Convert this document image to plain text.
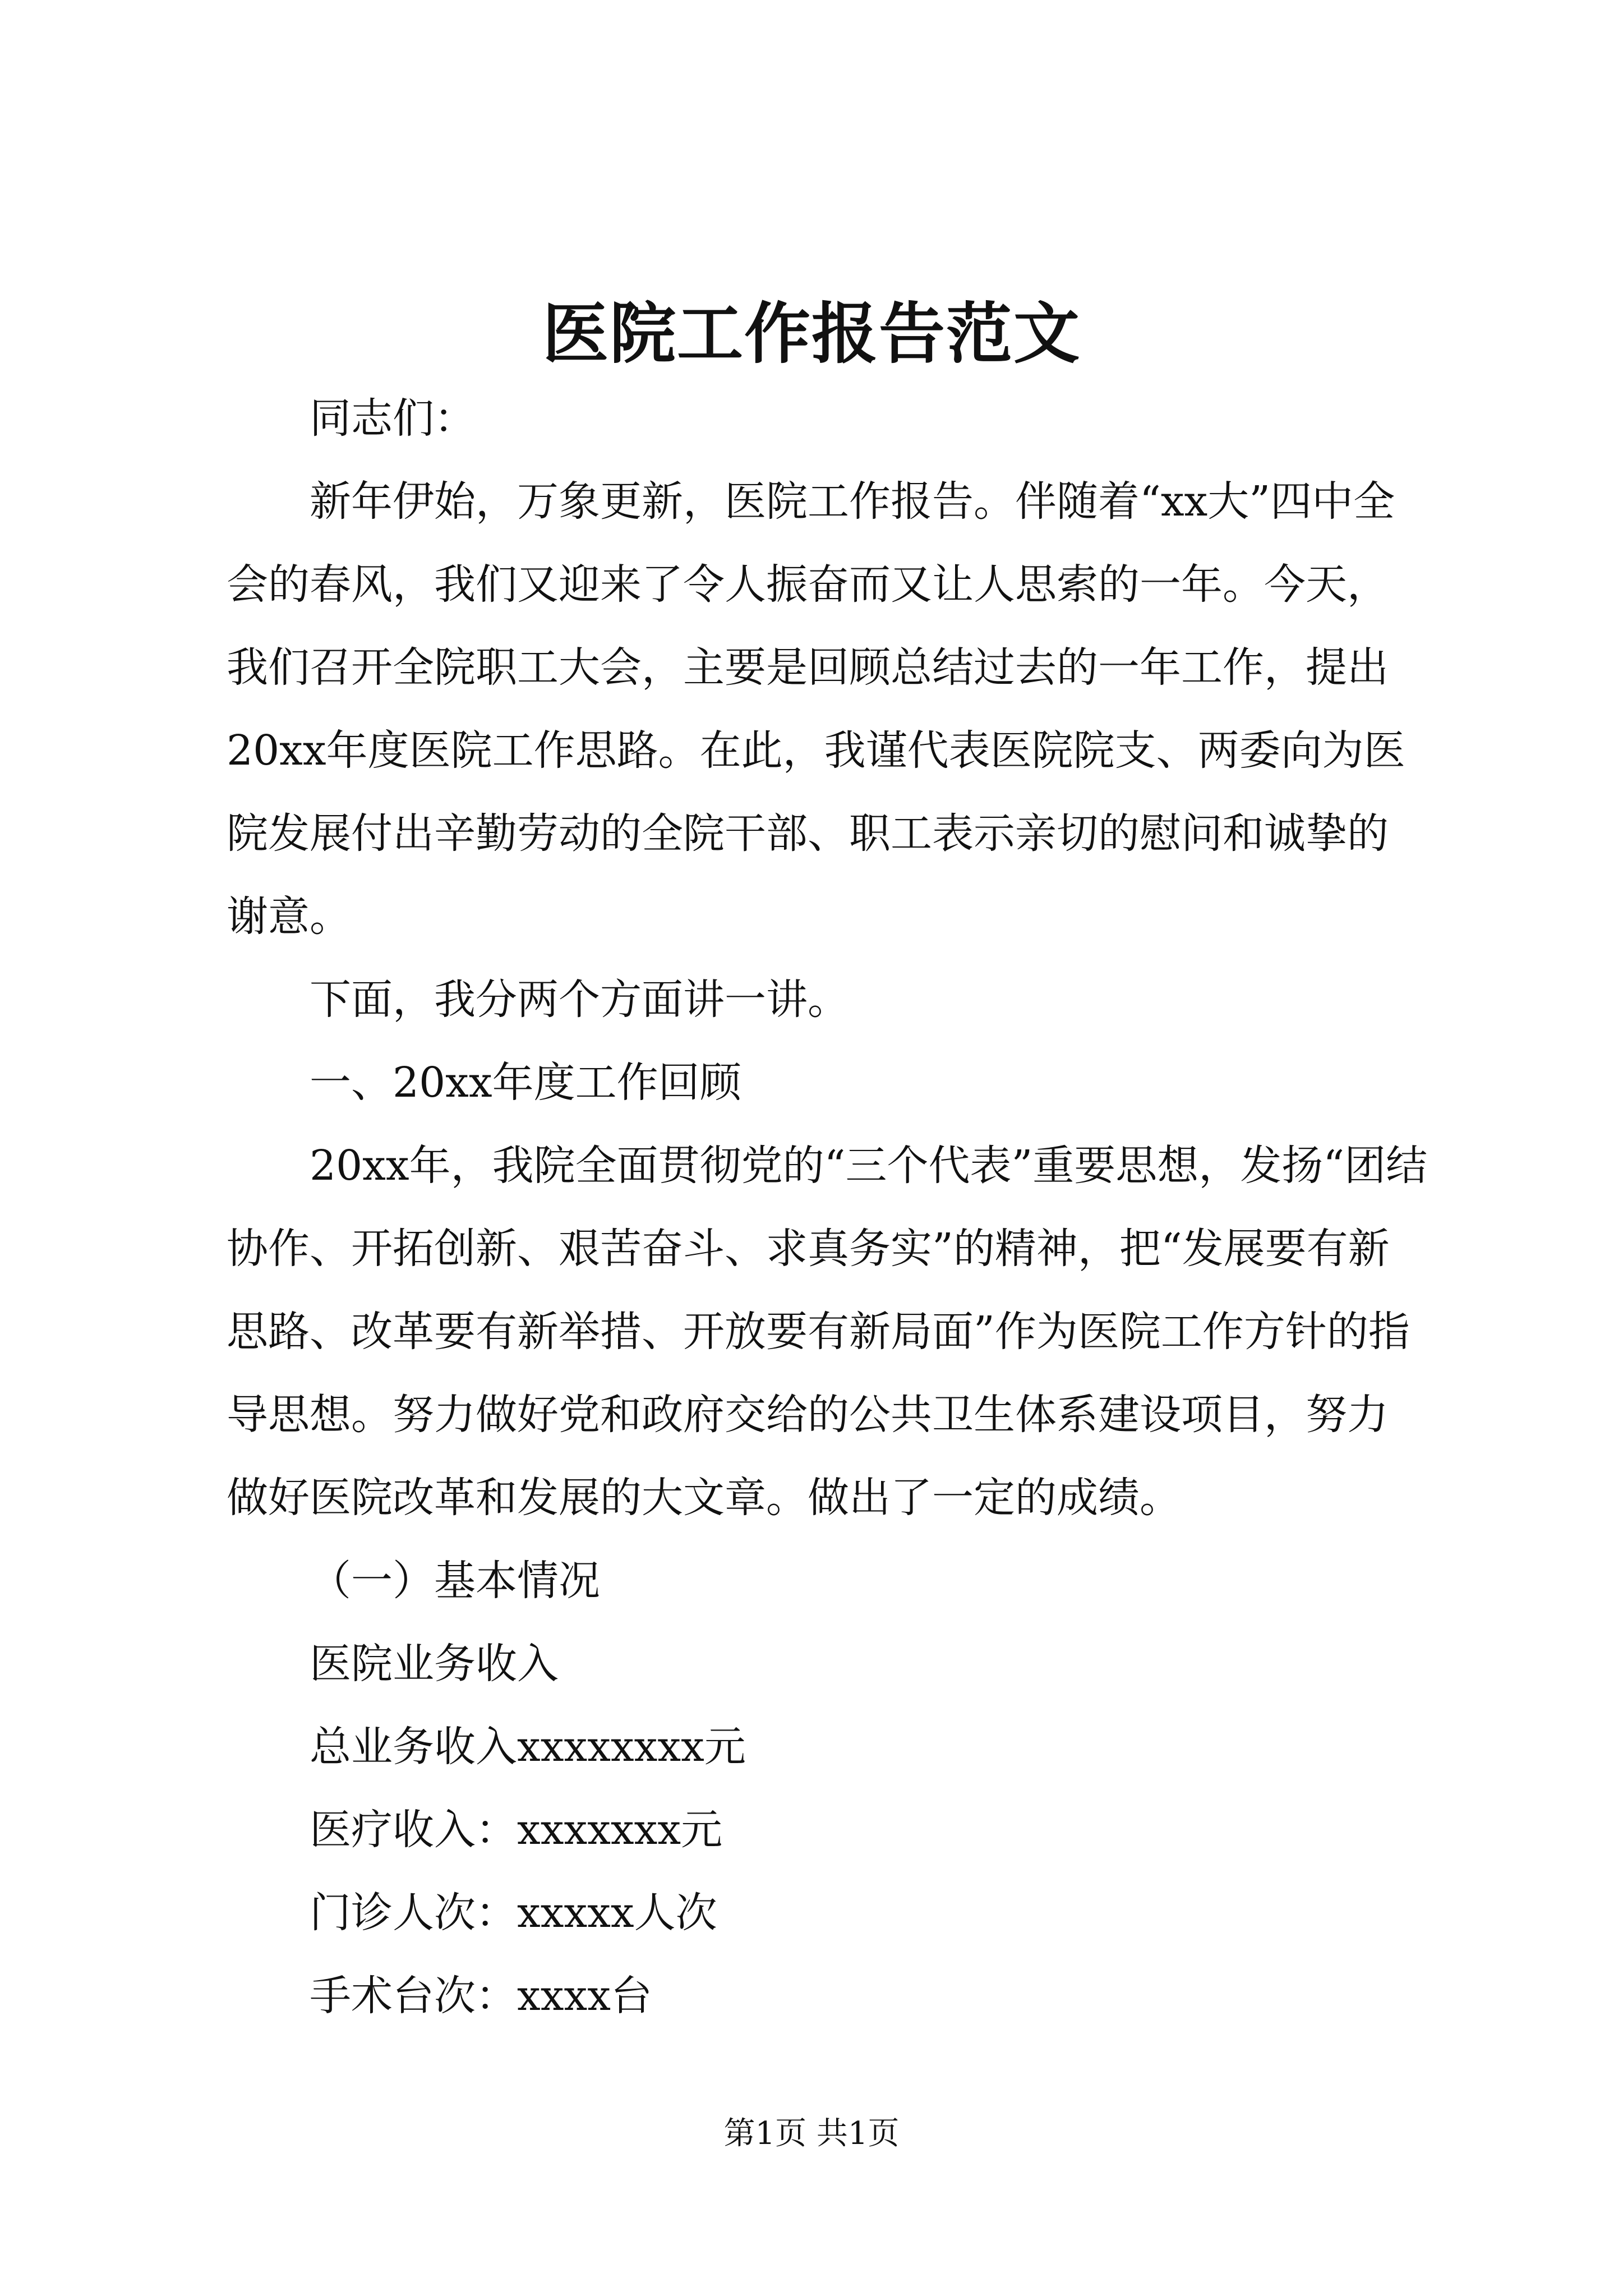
医院工作报告范文

同志们：

新年伊始，万象更新，医院工作报告。伴随着“xx大”四中全会的春风，我们又迎来了令人振奋而又让人思索的一年。今天，我们召开全院职工大会，主要是回顾总结过去的一年工作，提出20xx年度医院工作思路。在此，我谨代表医院院支、两委向为医院发展付出辛勤劳动的全院干部、职工表示亲切的慰问和诚挚的谢意。

下面，我分两个方面讲一讲。

一、20xx年度工作回顾

20xx年，我院全面贯彻党的“三个代表”重要思想，发扬“团结协作、开拓创新、艰苦奋斗、求真务实”的精神，把“发展要有新思路、改革要有新举措、开放要有新局面”作为医院工作方针的指导思想。努力做好党和政府交给的公共卫生体系建设项目，努力做好医院改革和发展的大文章。做出了一定的成绩。

（一）基本情况

医院业务收入

总业务收入xxxxxxxx元

医疗收入：xxxxxxx元

门诊人次：xxxxx人次

手术台次：xxxx台

第1页 共1页
